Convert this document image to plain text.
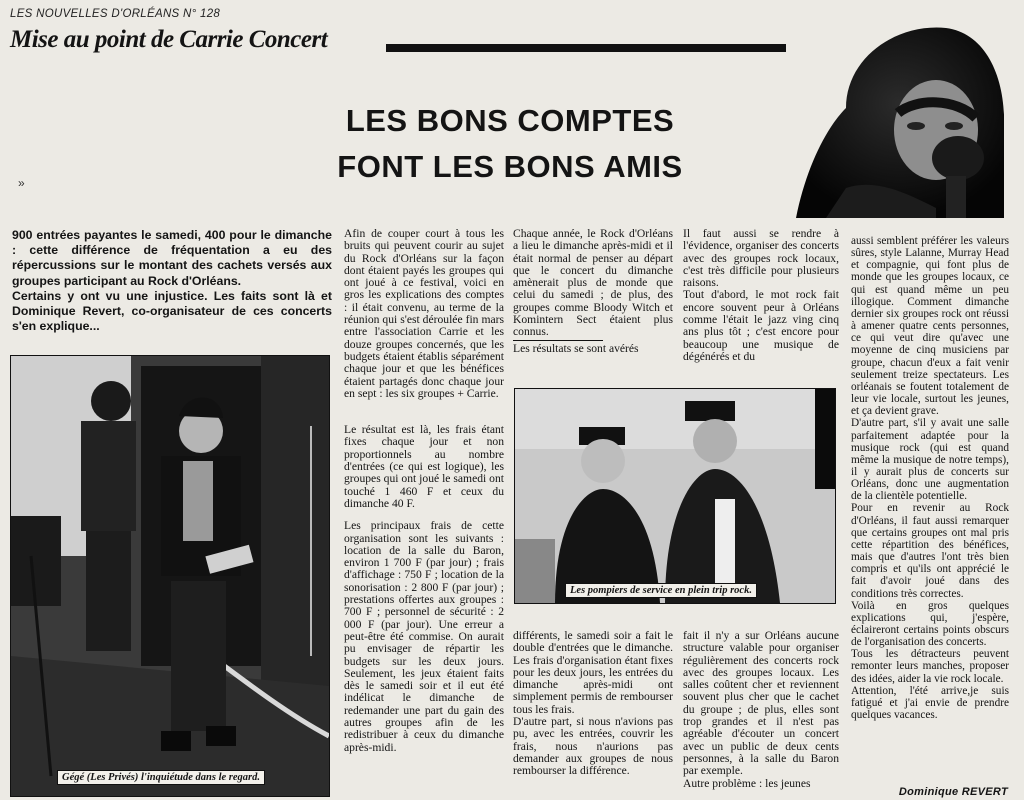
LES NOUVELLES D'ORLÉANS N° 128
Mise au point de Carrie Concert
LES BONS COMPTES
FONT LES BONS AMIS
»

900 entrées payantes le samedi, 400 pour le dimanche : cette différence de fréquentation a eu des répercussions sur le montant des cachets versés aux groupes participant au Rock d'Orléans.

Certains y ont vu une injustice. Les faits sont là et Dominique Revert, co-organisateur de ces concerts s'en explique...

Gégé (Les Privés) l'inquiétude dans le regard.

Afin de couper court à tous les bruits qui peuvent courir au sujet du Rock d'Orléans sur la façon dont étaient payés les groupes qui ont joué à ce festival, voici en gros les explications des comptes : il était convenu, au terme de la réunion qui s'est déroulée fin mars entre l'association Carrie et les douze groupes concernés, que les budgets étaient établis séparément chaque jour et que les bénéfices étaient partagés donc chaque jour en sept : les six groupes + Carrie.

Le résultat est là, les frais étant fixes chaque jour et non proportionnels au nombre d'entrées (ce qui est logique), les groupes qui ont joué le samedi ont touché 1 460 F et ceux du dimanche 40 F.

Les principaux frais de cette organisation sont les suivants : location de la salle du Baron, environ 1 700 F (par jour) ; frais d'affichage : 750 F ; location de la sonorisation : 2 800 F (par jour) ; prestations offertes aux groupes : 700 F ; personnel de sécurité : 2 000 F (par jour). Une erreur a peut-être été commise. On aurait pu envisager de répartir les budgets sur les deux jours. Seulement, les jeux étaient faits dès le samedi soir et il eut été indélicat le dimanche de redemander une part du gain des autres groupes afin de les redistribuer à ceux du dimanche après-midi.

Chaque année, le Rock d'Orléans a lieu le dimanche après-midi et il était normal de penser au départ que le concert du dimanche amènerait plus de monde que celui du samedi ; de plus, des groupes comme Bloody Witch et Komintern Sect étaient plus connus.

Les résultats se sont avérés

Il faut aussi se rendre à l'évidence, organiser des concerts avec des groupes rock locaux, c'est très difficile pour plusieurs raisons.

Tout d'abord, le mot rock fait encore souvent peur à Orléans comme l'était le jazz ving cinq ans plus tôt ; c'est encore pour beaucoup une musique de dégénérés et du

Les pompiers de service en plein trip rock.

différents, le samedi soir a fait le double d'entrées que le dimanche. Les frais d'organisation étant fixes pour les deux jours, les entrées du dimanche après-midi ont simplement permis de rembourser tous les frais.

D'autre part, si nous n'avions pas pu, avec les entrées, couvrir les frais, nous n'aurions pas demander aux groupes de nous rembourser la différence.

fait il n'y a sur Orléans aucune structure valable pour organiser régulièrement des concerts rock avec des groupes locaux. Les salles coûtent cher et reviennent souvent plus cher que le cachet du groupe ; de plus, elles sont trop grandes et il n'est pas agréable d'écouter un concert avec un public de deux cents personnes, à la salle du Baron par exemple.

Autre problème : les jeunes

aussi semblent préférer les valeurs sûres, style Lalanne, Murray Head et compagnie, qui font plus de monde que les groupes locaux, ce qui est quand même un peu illogique. Comment dimanche dernier six groupes rock ont réussi à amener quatre cents personnes, ce qui veut dire qu'avec une moyenne de cinq musiciens par groupe, chacun d'eux a fait venir seulement treize spectateurs. Les orléanais se foutent totalement de leur vie locale, surtout les jeunes, et ça devient grave.

D'autre part, s'il y avait une salle parfaitement adaptée pour la musique rock (qui est quand même la musique de notre temps), il y aurait plus de concerts sur Orléans, donc une augmentation de la clientèle potentielle.

Pour en revenir au Rock d'Orléans, il faut aussi remarquer que certains groupes ont mal pris cette répartition des bénéfices, mais que d'autres l'ont très bien compris et qu'ils ont apprécié le fait d'avoir joué dans des conditions très correctes.

Voilà en gros quelques explications qui, j'espère, éclaireront certains points obscurs de l'organisation des concerts.

Tous les détracteurs peuvent remonter leurs manches, proposer des idées, aider la vie rock locale.

Attention, l'été arrive,je suis fatigué et j'ai envie de prendre quelques vacances.

Dominique REVERT
